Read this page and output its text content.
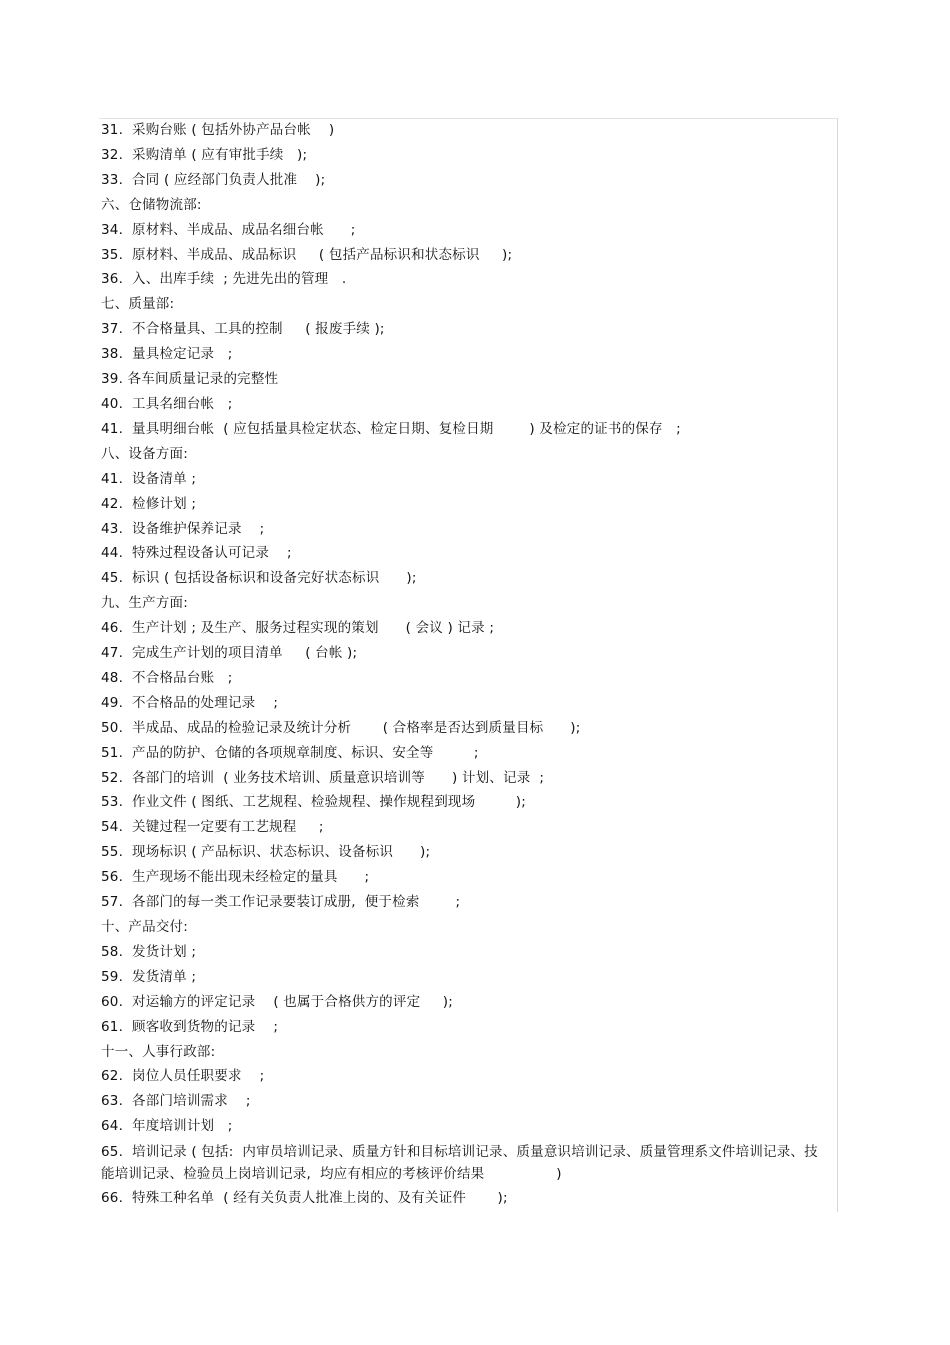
31.  采购台账 ( 包括外协产品台帐    )
32.  采购清单 ( 应有审批手续   );
33.  合同 ( 应经部门负责人批准    );
六、仓储物流部:
34.  原材料、半成品、成品名细台帐      ;
35.  原材料、半成品、成品标识     ( 包括产品标识和状态标识     );
36.  入、出库手续  ; 先进先出的管理   .
七、质量部:
37.  不合格量具、工具的控制     ( 报废手续 );
38.  量具检定记录   ;
39. 各车间质量记录的完整性
40.  工具名细台帐   ;
41.  量具明细台帐  ( 应包括量具检定状态、检定日期、复检日期        ) 及检定的证书的保存   ;
八、设备方面:
41.  设备清单 ;
42.  检修计划 ;
43.  设备维护保养记录    ;
44.  特殊过程设备认可记录    ;
45.  标识 ( 包括设备标识和设备完好状态标识      );
九、生产方面:
46.  生产计划 ; 及生产、服务过程实现的策划      ( 会议 ) 记录 ;
47.  完成生产计划的项目清单     ( 台帐 );
48.  不合格品台账   ;
49.  不合格品的处理记录    ;
50.  半成品、成品的检验记录及统计分析       ( 合格率是否达到质量目标      );
51.  产品的防护、仓储的各项规章制度、标识、安全等         ;
52.  各部门的培训  ( 业务技术培训、质量意识培训等      ) 计划、记录  ;
53.  作业文件 ( 图纸、工艺规程、检验规程、操作规程到现场         );
54.  关键过程一定要有工艺规程     ;
55.  现场标识 ( 产品标识、状态标识、设备标识      );
56.  生产现场不能出现未经检定的量具      ;
57.  各部门的每一类工作记录要装订成册,  便于检索        ;
十、产品交付:
58.  发货计划 ;
59.  发货清单 ;
60.  对运输方的评定记录    ( 也属于合格供方的评定     );
61.  顾客收到货物的记录    ;
十一、人事行政部:
62.  岗位人员任职要求    ;
63.  各部门培训需求    ;
64.  年度培训计划   ;
65.  培训记录 ( 包括:  内审员培训记录、质量方针和目标培训记录、质量意识培训记录、质量管理系文件培训记录、技能培训记录、检验员上岗培训记录,  均应有相应的考核评价结果                )
66.  特殊工种名单  ( 经有关负责人批准上岗的、及有关证件       );
